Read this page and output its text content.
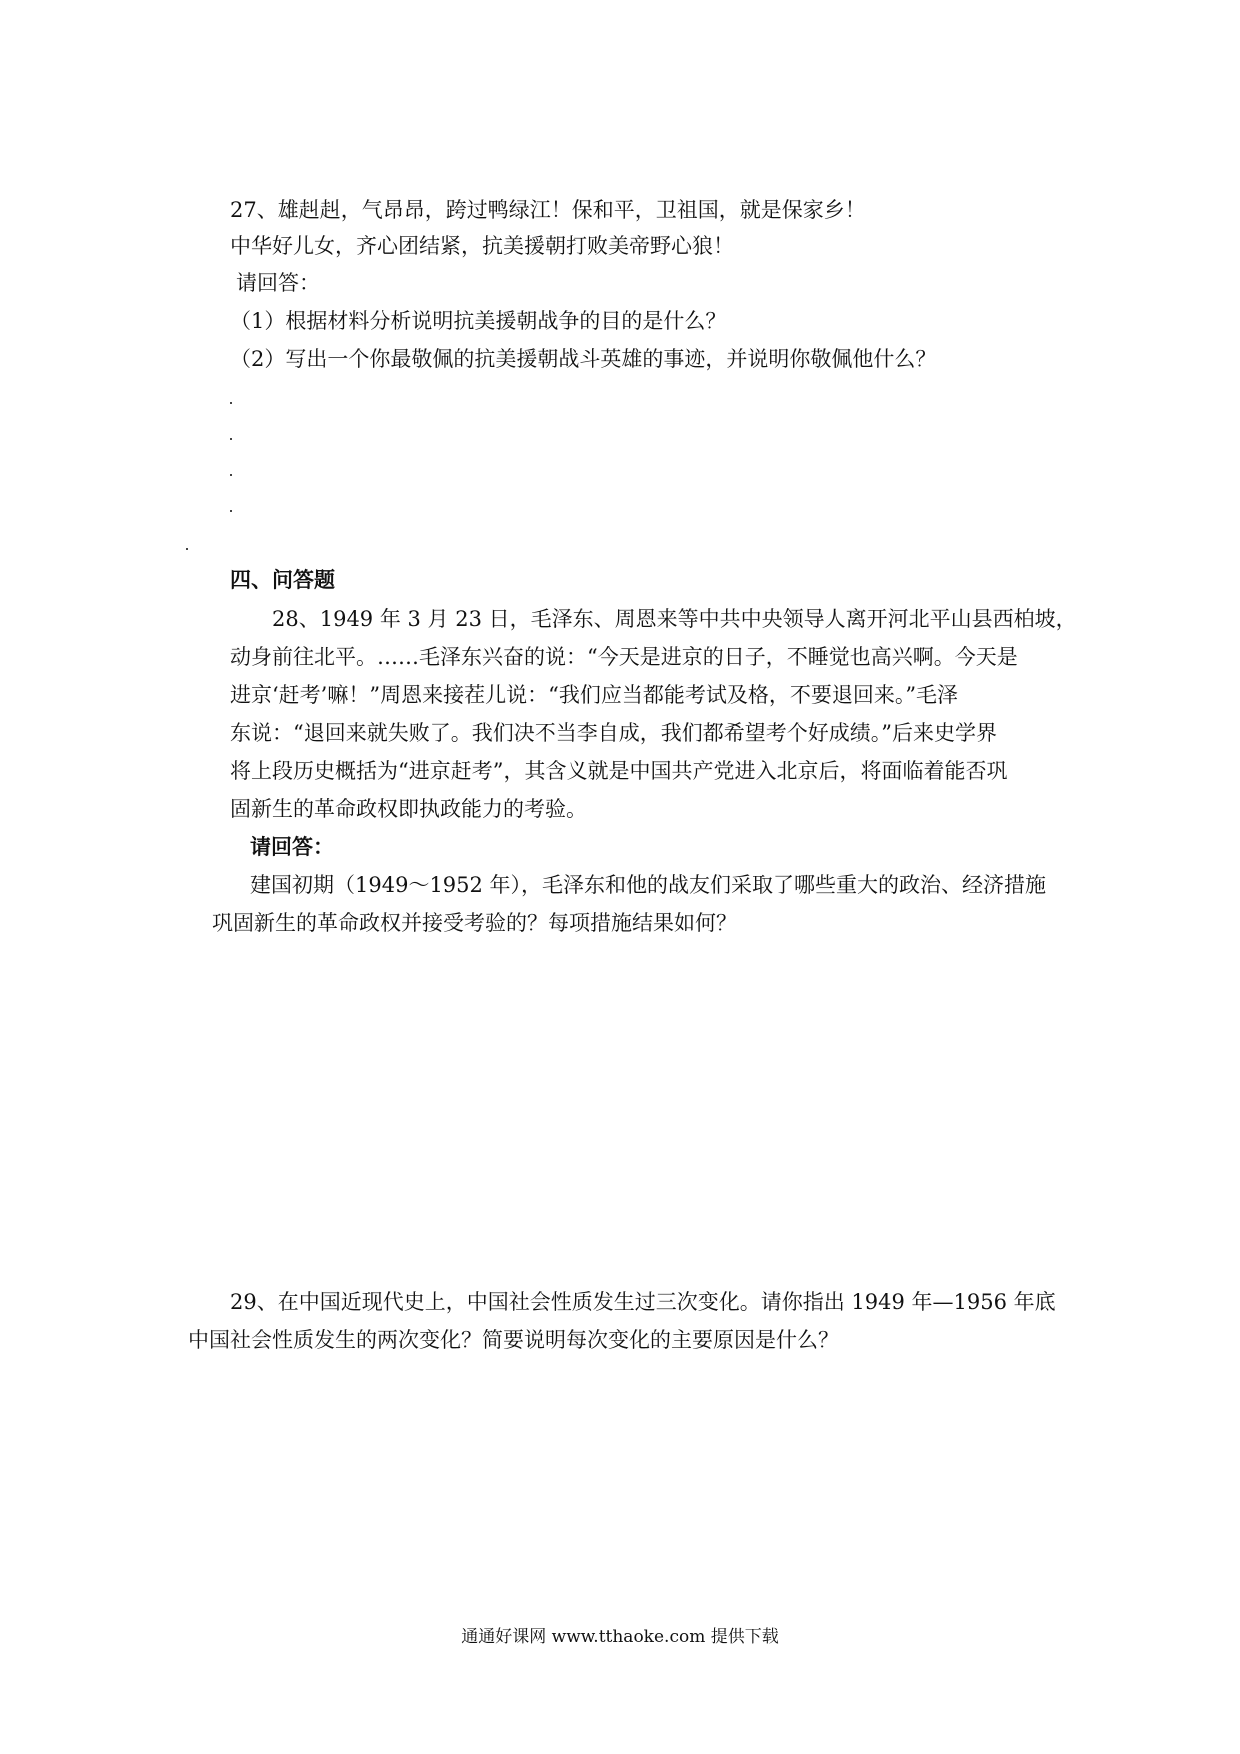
27、雄赳赳，气昂昂，跨过鸭绿江！保和平，卫祖国，就是保家乡！
中华好儿女，齐心团结紧，抗美援朝打败美帝野心狼！
请回答：
（1）根据材料分析说明抗美援朝战争的目的是什么？
（2）写出一个你最敬佩的抗美援朝战斗英雄的事迹，并说明你敬佩他什么？
四、问答题
28、1949 年 3 月 23 日，毛泽东、周恩来等中共中央领导人离开河北平山县西柏坡，
动身前往北平。……毛泽东兴奋的说：“今天是进京的日子，不睡觉也高兴啊。今天是
进京‘赶考’嘛！”周恩来接茬儿说：“我们应当都能考试及格，不要退回来。”毛泽
东说：“退回来就失败了。我们决不当李自成，我们都希望考个好成绩。”后来史学界
将上段历史概括为“进京赶考”，其含义就是中国共产党进入北京后，将面临着能否巩
固新生的革命政权即执政能力的考验。
请回答：
建国初期（1949～1952 年），毛泽东和他的战友们采取了哪些重大的政治、经济措施
巩固新生的革命政权并接受考验的？每项措施结果如何？
29、在中国近现代史上，中国社会性质发生过三次变化。请你指出 1949 年—1956 年底
中国社会性质发生的两次变化？简要说明每次变化的主要原因是什么？
通通好课网 www.tthaoke.com 提供下载
